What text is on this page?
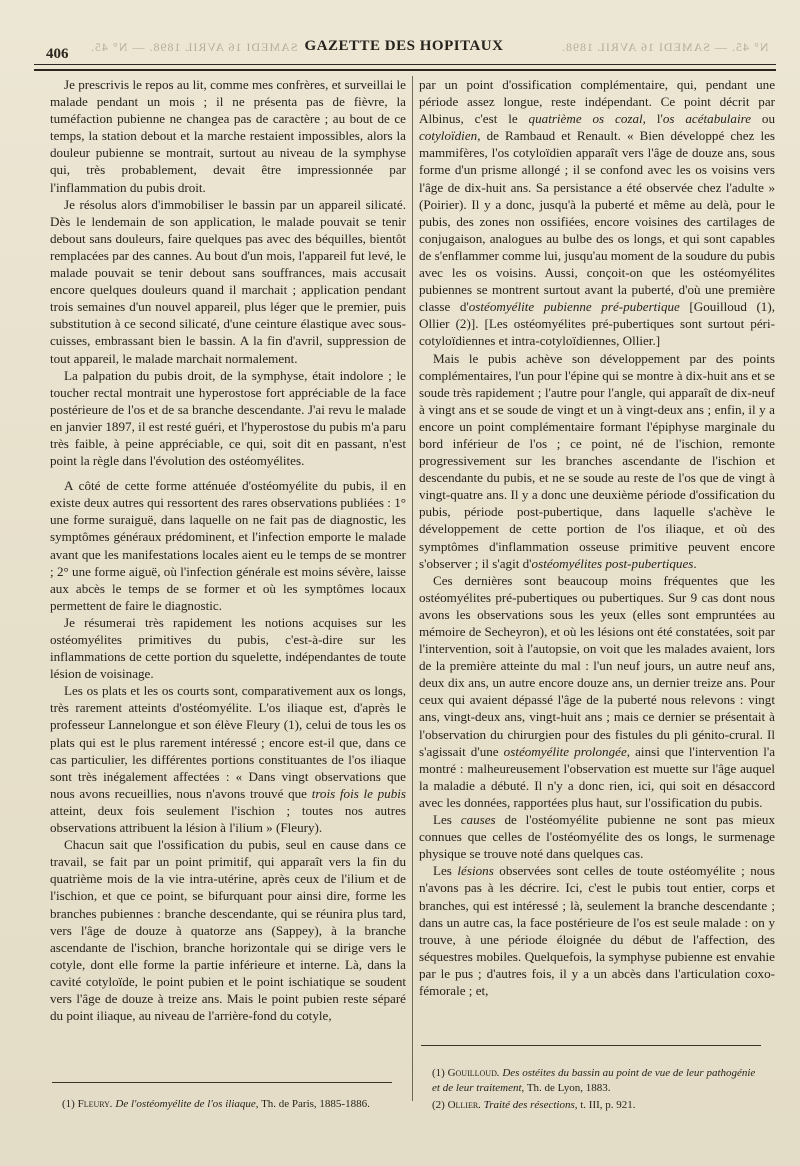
406 SAMEDI 16 AVRIL 1898. — N° 45. GAZETTE DES HOPITAUX	N° 45. — SAMEDI 16 AVRIL 1898.

Je prescrivis le repos au lit, comme mes confrères, et surveillai le malade pendant un mois ; il ne présenta pas de fièvre, la tuméfaction pubienne ne changea pas de caractère ; au bout de ce temps, la station debout et la marche restaient impossibles, alors la douleur pubienne se montrait, surtout au niveau de la symphyse qui, très probablement, devait être impressionnée par l'inflammation du pubis droit.

Je résolus alors d'immobiliser le bassin par un appareil silicaté. Dès le lendemain de son application, le malade pouvait se tenir debout sans douleurs, faire quelques pas avec des béquilles, bientôt remplacées par des cannes. Au bout d'un mois, l'appareil fut levé, le malade pouvait se tenir debout sans souffrances, mais accusait encore quelques douleurs quand il marchait ; application pendant trois semaines d'un nouvel appareil, plus léger que le premier, puis substitution à ce second silicaté, d'une ceinture élastique avec sous-cuisses, embrassant bien le bassin. A la fin d'avril, suppression de tout appareil, le malade marchait normalement.

La palpation du pubis droit, de la symphyse, était indolore ; le toucher rectal montrait une hyperostose fort appréciable de la face postérieure de l'os et de sa branche descendante. J'ai revu le malade en janvier 1897, il est resté guéri, et l'hyperostose du pubis m'a paru très faible, à peine appréciable, ce qui, soit dit en passant, n'est point la règle dans l'évolution des ostéomyélites.

A côté de cette forme atténuée d'ostéomyélite du pubis, il en existe deux autres qui ressortent des rares observations publiées : 1° une forme suraiguë, dans laquelle on ne fait pas de diagnostic, les symptômes généraux prédominent, et l'infection emporte le malade avant que les manifestations locales aient eu le temps de se montrer ; 2° une forme aiguë, où l'infection générale est moins sévère, laisse aux abcès le temps de se former et où les symptômes locaux permettent de faire le diagnostic.

Je résumerai très rapidement les notions acquises sur les ostéomyélites primitives du pubis, c'est-à-dire sur les inflammations de cette portion du squelette, indépendantes de toute lésion de voisinage.

Les os plats et les os courts sont, comparativement aux os longs, très rarement atteints d'ostéomyélite. L'os iliaque est, d'après le professeur Lannelongue et son élève Fleury (1), celui de tous les os plats qui est le plus rarement intéressé ; encore est-il que, dans ce cas particulier, les différentes portions constituantes de l'os iliaque sont très inégalement affectées : « Dans vingt observations que nous avons recueillies, nous n'avons trouvé que trois fois le pubis atteint, deux fois seulement l'ischion ; toutes nos autres observations attribuent la lésion à l'ilium » (Fleury).

Chacun sait que l'ossification du pubis, seul en cause dans ce travail, se fait par un point primitif, qui apparaît vers la fin du quatrième mois de la vie intra-utérine, après ceux de l'ilium et de l'ischion, et que ce point, se bifurquant pour ainsi dire, forme les branches pubiennes : branche descendante, qui se réunira plus tard, vers l'âge de douze à quatorze ans (Sappey), à la branche ascendante de l'ischion, branche horizontale qui se dirige vers le cotyle, dont elle forme la partie inférieure et interne. Là, dans la cavité cotyloïde, le point pubien et le point ischiatique se soudent vers l'âge de douze à treize ans. Mais le point pubien reste séparé du point iliaque, au niveau de l'arrière-fond du cotyle,

par un point d'ossification complémentaire, qui, pendant une période assez longue, reste indépendant. Ce point décrit par Albinus, c'est le quatrième os cozal, l'os acétabulaire ou cotyloïdien, de Rambaud et Renault. « Bien développé chez les mammifères, l'os cotyloïdien apparaît vers l'âge de douze ans, sous forme d'un prisme allongé ; il se confond avec les os voisins vers l'âge de dix-huit ans. Sa persistance a été observée chez l'adulte » (Poirier). Il y a donc, jusqu'à la puberté et même au delà, pour le pubis, des zones non ossifiées, encore voisines des cartilages de conjugaison, analogues au bulbe des os longs, et qui sont capables de s'enflammer comme lui, jusqu'au moment de la soudure du pubis avec les os voisins. Aussi, conçoit-on que les ostéomyélites pubiennes se montrent surtout avant la puberté, d'où une première classe d'ostéomyélite pubienne pré-pubertique [Gouilloud (1), Ollier (2)]. [Les ostéomyélites pré-pubertiques sont surtout péri-cotyloïdiennes et intra-cotyloïdiennes, Ollier.]

Mais le pubis achève son développement par des points complémentaires, l'un pour l'épine qui se montre à dix-huit ans et se soude très rapidement ; l'autre pour l'angle, qui apparaît de dix-neuf à vingt ans et se soude de vingt et un à vingt-deux ans ; enfin, il y a encore un point complémentaire formant l'épiphyse marginale du bord inférieur de l'os ; ce point, né de l'ischion, remonte progressivement sur les branches ascendante de l'ischion et descendante du pubis, et ne se soude au reste de l'os que de vingt à vingt-quatre ans. Il y a donc une deuxième période d'ossification du pubis, période post-pubertique, dans laquelle s'achève le développement de cette portion de l'os iliaque, et où des symptômes d'inflammation osseuse primitive peuvent encore s'observer ; il s'agit d'ostéomyélites post-pubertiques.

Ces dernières sont beaucoup moins fréquentes que les ostéomyélites pré-pubertiques ou pubertiques. Sur 9 cas dont nous avons les observations sous les yeux (elles sont empruntées au mémoire de Secheyron), et où les lésions ont été constatées, soit par l'intervention, soit à l'autopsie, on voit que les malades avaient, lors de la première atteinte du mal : l'un neuf jours, un autre neuf ans, deux dix ans, un autre encore douze ans, un dernier treize ans. Pour ceux qui avaient dépassé l'âge de la puberté nous relevons : vingt ans, vingt-deux ans, vingt-huit ans ; mais ce dernier se présentait à l'observation du chirurgien pour des fistules du pli génito-crural. Il s'agissait d'une ostéomyélite prolongée, ainsi que l'intervention l'a montré : malheureusement l'observation est muette sur l'âge auquel la maladie a débuté. Il n'y a donc rien, ici, qui soit en désaccord avec les données, rapportées plus haut, sur l'ossification du pubis.

Les causes de l'ostéomyélite pubienne ne sont pas mieux connues que celles de l'ostéomyélite des os longs, le surmenage physique se trouve noté dans quelques cas.

Les lésions observées sont celles de toute ostéomyélite ; nous n'avons pas à les décrire. Ici, c'est le pubis tout entier, corps et branches, qui est intéressé ; là, seulement la branche descendante ; dans un autre cas, la face postérieure de l'os est seule malade : on y trouve, à une période éloignée du début de l'affection, des séquestres mobiles. Quelquefois, la symphyse pubienne est envahie par le pus ; d'autres fois, il y a un abcès dans l'articulation coxo-fémorale ; et,

(1) Gouilloud. Des ostéites du bassin au point de vue de leur pathogénie et de leur traitement, Th. de Lyon, 1883.
(2) Ollier. Traité des résections, t. III, p. 921.
(1) Fleury. De l'ostéomyélite de l'os iliaque, Th. de Paris, 1885-1886.
